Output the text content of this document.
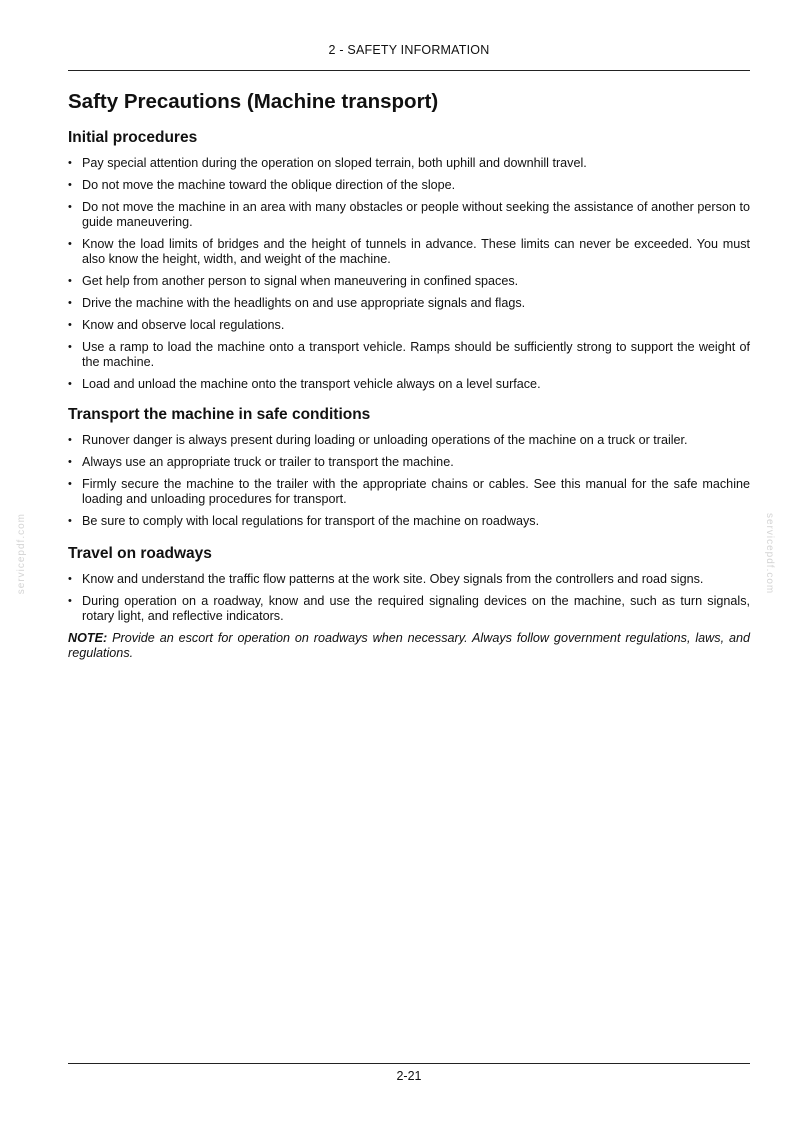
2 - SAFETY INFORMATION
servicepdf.com	servicepdf.com
Safty Precautions (Machine transport)
Initial procedures
• Pay special attention during the operation on sloped terrain, both uphill and downhill travel.
• Do not move the machine toward the oblique direction of the slope.
• Do not move the machine in an area with many obstacles or people without seeking the assistance of another person to guide maneuvering.
• Know the load limits of bridges and the height of tunnels in advance. These limits can never be exceeded. You must also know the height, width, and weight of the machine.
• Get help from another person to signal when maneuvering in confined spaces.
• Drive the machine with the headlights on and use appropriate signals and flags.
• Know and observe local regulations.
• Use a ramp to load the machine onto a transport vehicle. Ramps should be sufficiently strong to support the weight of the machine.
• Load and unload the machine onto the transport vehicle always on a level surface.
Transport the machine in safe conditions
• Runover danger is always present during loading or unloading operations of the machine on a truck or trailer.
• Always use an appropriate truck or trailer to transport the machine.
• Firmly secure the machine to the trailer with the appropriate chains or cables. See this manual for the safe machine loading and unloading procedures for transport.
• Be sure to comply with local regulations for transport of the machine on roadways.
Travel on roadways
• Know and understand the traffic flow patterns at the work site. Obey signals from the controllers and road signs.
• During operation on a roadway, know and use the required signaling devices on the machine, such as turn signals, rotary light, and reflective indicators.
NOTE: Provide an escort for operation on roadways when necessary. Always follow government regulations, laws, and regulations.
2-21
